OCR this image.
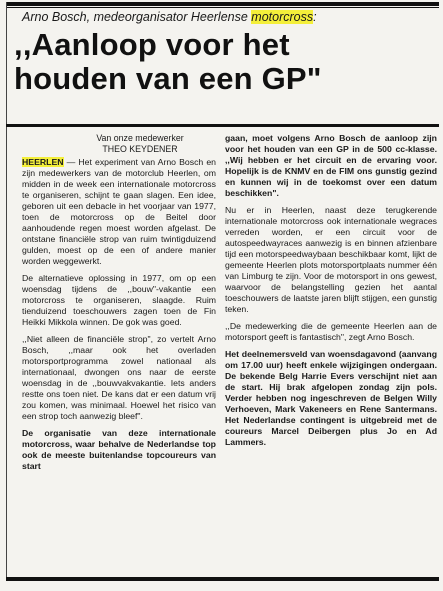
Arno Bosch, medeorganisator Heerlense motorcross:
,,Aanloop voor het
houden van een GP"
Van onze medewerker
THEO KEYDENER

HEERLEN — Het experiment van Arno Bosch en zijn medewerkers van de motorclub Heerlen, om midden in de week een internationale motorcross te organiseren, schijnt te gaan slagen. Een idee, geboren uit een debacle in het voorjaar van 1977, toen de motorcross op de Beitel door aanhoudende regen moest worden afgelast. De ontstane financiële strop van ruim twintigduizend gulden, moest op de een of andere manier worden weggewerkt.

De alternatieve oplossing in 1977, om op een woensdag tijdens de ,,bouw"-vakantie een motorcross te organiseren, slaagde. Ruim tienduizend toeschouwers zagen toen de Fin Heikki Mikkola winnen. De gok was goed.

,,Niet alleen de financiële strop", zo vertelt Arno Bosch, ,,maar ook het overladen motorsportprogramma zowel nationaal als internationaal, dwongen ons naar de eerste woensdag in de ,,bouwvakvakantie. Iets anders restte ons toen niet. De kans dat er een datum vrij zou komen, was minimaal. Hoewel het risico van een strop toch aanwezig bleef".

De organisatie van deze internationale motorcross, waar behalve de Nederlandse top ook de meeste buitenlandse topcoureurs van start

gaan, moet volgens Arno Bosch de aanloop zijn voor het houden van een GP in de 500 cc-klasse. ,,Wij hebben er het circuit en de ervaring voor. Hopelijk is de KNMV en de FIM ons gunstig gezind en kunnen wij in de toekomst over een datum beschikken".

Nu er in Heerlen, naast deze terugkerende internationale motorcross ook internationale wegraces verreden worden, er een circuit voor de autospeedwayraces aanwezig is en binnen afzienbare tijd een motorspeedwaybaan beschikbaar komt, lijkt de gemeente Heerlen plots motorsportplaats nummer één van Limburg te zijn. Voor de motorsport in ons gewest, waarvoor de belangstelling gezien het aantal toeschouwers de laatste jaren blijft stijgen, een gunstig teken.

,,De medewerking die de gemeente Heerlen aan de motorsport geeft is fantastisch", zegt Arno Bosch.

Het deelnemersveld van woensdagavond (aanvang om 17.00 uur) heeft enkele wijzigingen ondergaan. De bekende Belg Harrie Evers verschijnt niet aan de start. Hij brak afgelopen zondag zijn pols. Verder hebben nog ingeschreven de Belgen Willy Verhoeven, Mark Vakeneers en Rene Santermans. Het Nederlandse contingent is uitgebreid met de coureurs Marcel Deibergen plus Jo en Ad Lammers.
